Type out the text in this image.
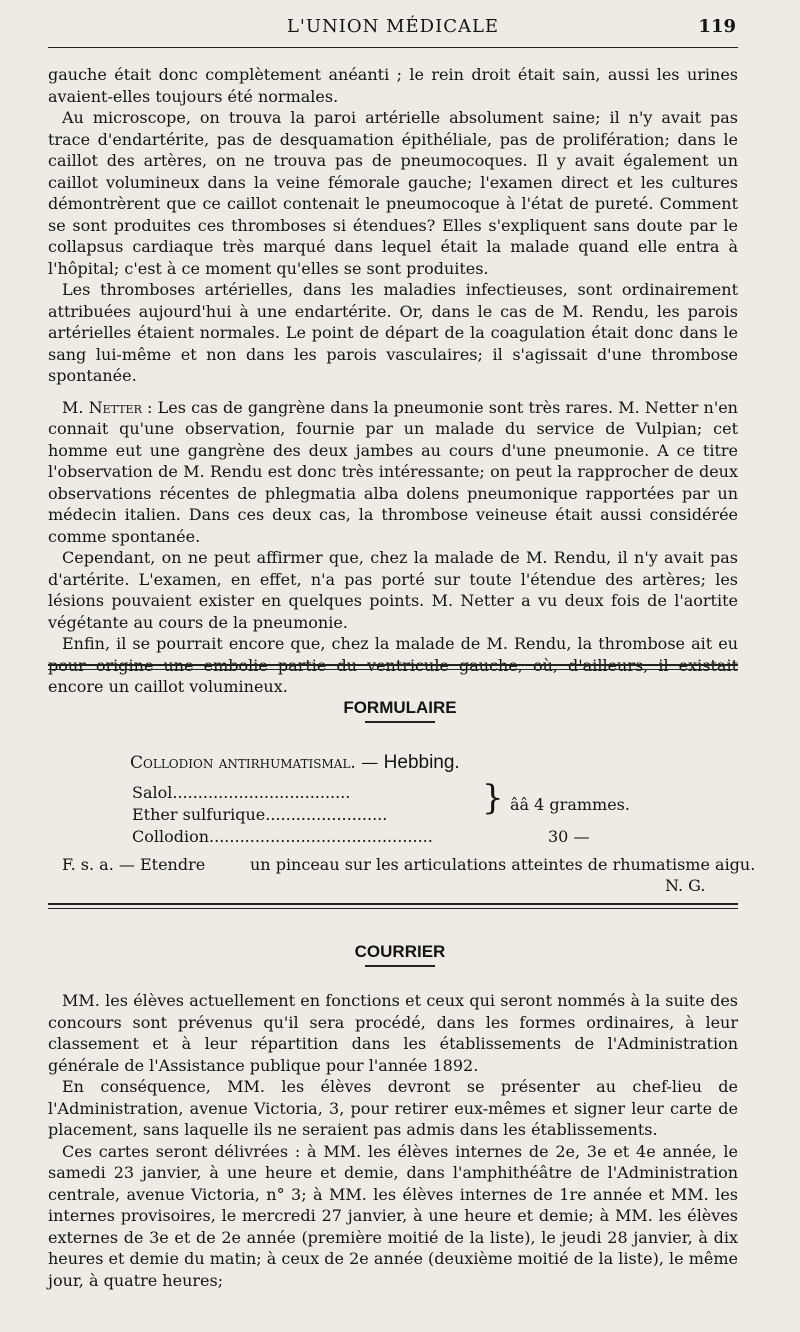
L'UNION MÉDICALE	119

gauche était donc complètement anéanti ; le rein droit était sain, aussi les urines avaient-elles toujours été normales.

Au microscope, on trouva la paroi artérielle absolument saine; il n'y avait pas trace d'endartérite, pas de desquamation épithéliale, pas de prolifération; dans le caillot des artères, on ne trouva pas de pneumocoques. Il y avait également un caillot volumineux dans la veine fémorale gauche; l'examen direct et les cultures démontrèrent que ce caillot contenait le pneumocoque à l'état de pureté. Comment se sont produites ces thromboses si étendues? Elles s'expliquent sans doute par le collapsus cardiaque très marqué dans lequel était la malade quand elle entra à l'hôpital; c'est à ce moment qu'elles se sont produites.

Les thromboses artérielles, dans les maladies infectieuses, sont ordinairement attribuées aujourd'hui à une endartérite. Or, dans le cas de M. Rendu, les parois artérielles étaient normales. Le point de départ de la coagulation était donc dans le sang lui-même et non dans les parois vasculaires; il s'agissait d'une thrombose spontanée.

M. Netter : Les cas de gangrène dans la pneumonie sont très rares. M. Netter n'en connait qu'une observation, fournie par un malade du service de Vulpian; cet homme eut une gangrène des deux jambes au cours d'une pneumonie. A ce titre l'observation de M. Rendu est donc très intéressante; on peut la rapprocher de deux observations récentes de phlegmatia alba dolens pneumonique rapportées par un médecin italien. Dans ces deux cas, la thrombose veineuse était aussi considérée comme spontanée.

Cependant, on ne peut affirmer que, chez la malade de M. Rendu, il n'y avait pas d'artérite. L'examen, en effet, n'a pas porté sur toute l'étendue des artères; les lésions pouvaient exister en quelques points. M. Netter a vu deux fois de l'aortite végétante au cours de la pneumonie.

Enfin, il se pourrait encore que, chez la malade de M. Rendu, la thrombose ait eu pour origine une embolie partie du ventricule gauche, où, d'ailleurs, il existait encore un caillot volumineux.

FORMULAIRE
Collodion antirhumatismal. — Hebbing.
Salol...................................
Ether sulfurique........................	} ââ 4 grammes.
Collodion............................................	30 —
F. s. a. — Etendre	un pinceau sur les articulations atteintes de rhumatisme aigu.
N. G.
COURRIER

MM. les élèves actuellement en fonctions et ceux qui seront nommés à la suite des concours sont prévenus qu'il sera procédé, dans les formes ordinaires, à leur classement et à leur répartition dans les établissements de l'Administration générale de l'Assistance publique pour l'année 1892.

En conséquence, MM. les élèves devront se présenter au chef-lieu de l'Administration, avenue Victoria, 3, pour retirer eux-mêmes et signer leur carte de placement, sans laquelle ils ne seraient pas admis dans les établissements.

Ces cartes seront délivrées : à MM. les élèves internes de 2e, 3e et 4e année, le samedi 23 janvier, à une heure et demie, dans l'amphithéâtre de l'Administration centrale, avenue Victoria, n° 3; à MM. les élèves internes de 1re année et MM. les internes provisoires, le mercredi 27 janvier, à une heure et demie; à MM. les élèves externes de 3e et de 2e année (première moitié de la liste), le jeudi 28 janvier, à dix heures et demie du matin; à ceux de 2e année (deuxième moitié de la liste), le même jour, à quatre heures;
